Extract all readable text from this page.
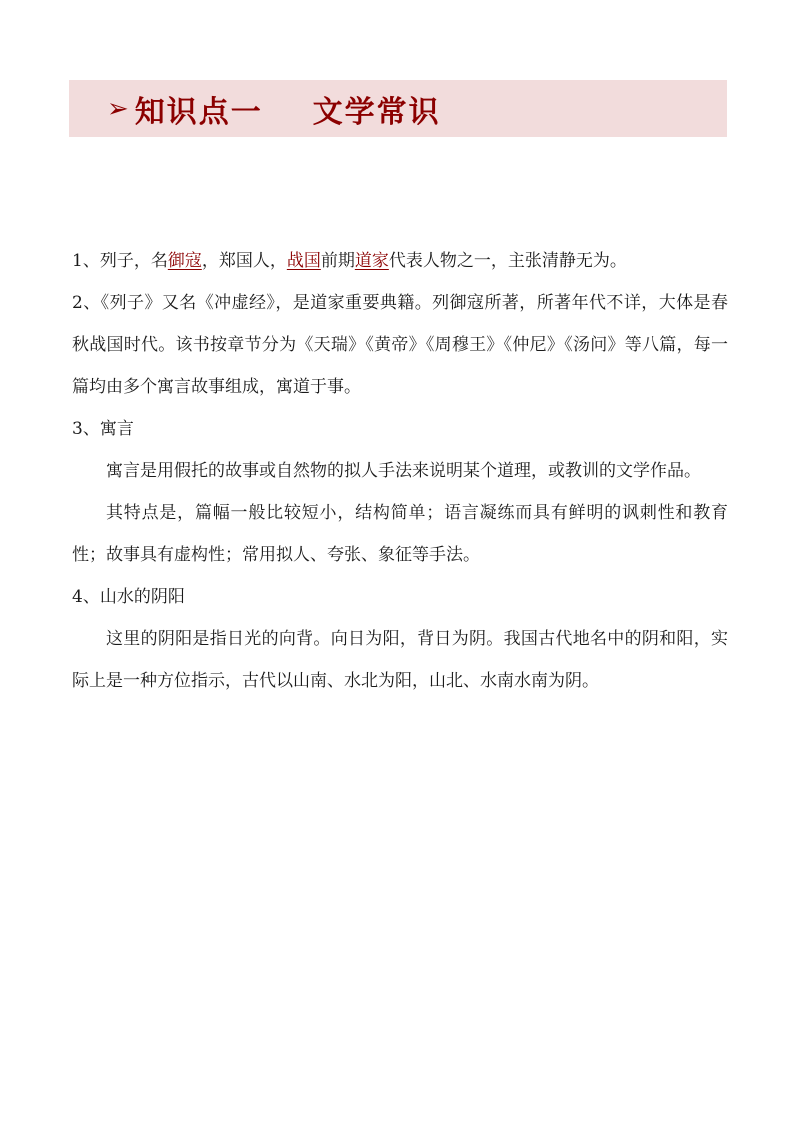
➢ 知识点一    文学常识

1、列子，名御寇，郑国人，战国前期道家代表人物之一，主张清静无为。

2、《列子》又名《冲虚经》，是道家重要典籍。列御寇所著，所著年代不详，大体是春秋战国时代。该书按章节分为《天瑞》《黄帝》《周穆王》《仲尼》《汤问》等八篇，每一篇均由多个寓言故事组成，寓道于事。

3、寓言

寓言是用假托的故事或自然物的拟人手法来说明某个道理，或教训的文学作品。

其特点是，篇幅一般比较短小，结构简单；语言凝练而具有鲜明的讽刺性和教育性；故事具有虚构性；常用拟人、夸张、象征等手法。

4、山水的阴阳

这里的阴阳是指日光的向背。向日为阳，背日为阴。我国古代地名中的阴和阳，实际上是一种方位指示，古代以山南、水北为阳，山北、水南水南为阴。
